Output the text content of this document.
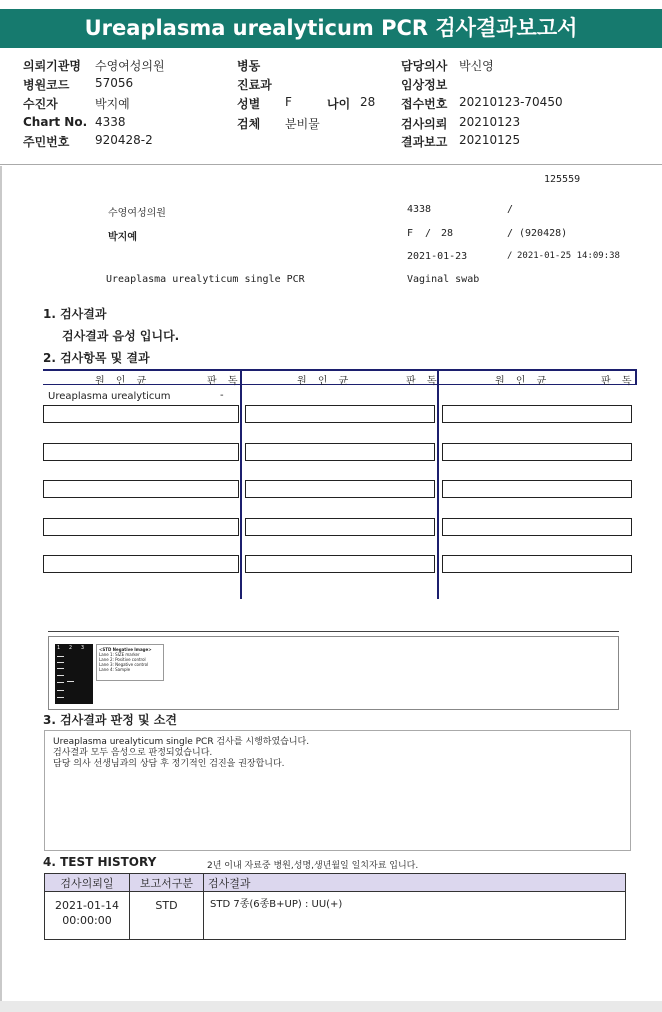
Ureaplasma urealyticum PCR 검사결과보고서
의뢰기관명 수영여성의원
병원코드 57056
수진자	박지예
Chart No. 4338
주민번호 920428-2
병동
진료과
성별 F	나이 28
검체 분비물
담당의사 박신영
임상정보
접수번호 20210123-70450
검사의뢰 20210123
결과보고 20210125
125559
수영여성의원	4338	/
박지예	F / 28	/ (920428)
2021-01-23	/ 2021-01-25 14:09:38
Ureaplasma urealyticum single PCR	Vaginal swab
1. 검사결과
검사결과 음성 입니다.
2. 검사항목 및 결과
원 인 균	판 독	원 인 균	판 독	원 인 균	판 독
Ureaplasma urealyticum	-
1 2 3 4 <STD Negative Image>
Lane 1: SIZE marker
Lane 2: Positive control
Lane 3: Negative control
Lane 4: Sample
3. 검사결과 판정 및 소견
Ureaplasma urealyticum single PCR 검사를 시행하였습니다.
검사결과 모두 음성으로 판정되었습니다.
담당 의사 선생님과의 상담 후 정기적인 검진을 권장합니다.
4. TEST HISTORY	2년 이내 자료중 병원,성명,생년월일 일치자료 입니다.
검사의뢰일	보고서구분	검사결과

2021-01-14
00:00:00	STD	STD 7종(6종B+UP) : UU(+)
